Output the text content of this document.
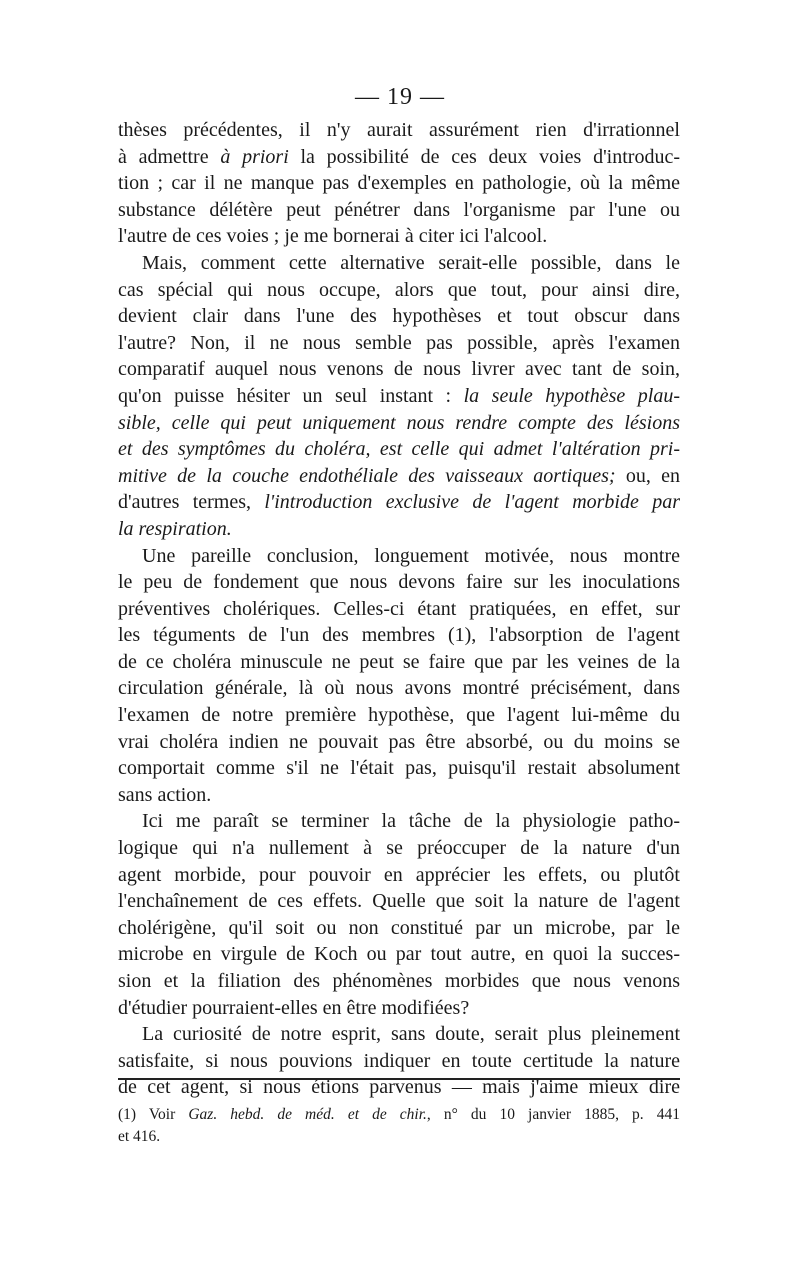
— 19 —
thèses précédentes, il n'y aurait assurément rien d'irrationnel
à admettre à priori la possibilité de ces deux voies d'introduc-
tion ; car il ne manque pas d'exemples en pathologie, où la même
substance délétère peut pénétrer dans l'organisme par l'une ou
l'autre de ces voies ; je me bornerai à citer ici l'alcool.
Mais, comment cette alternative serait-elle possible, dans le
cas spécial qui nous occupe, alors que tout, pour ainsi dire,
devient clair dans l'une des hypothèses et tout obscur dans
l'autre? Non, il ne nous semble pas possible, après l'examen
comparatif auquel nous venons de nous livrer avec tant de soin,
qu'on puisse hésiter un seul instant : la seule hypothèse plau-
sible, celle qui peut uniquement nous rendre compte des lésions
et des symptômes du choléra, est celle qui admet l'altération pri-
mitive de la couche endothéliale des vaisseaux aortiques; ou, en
d'autres termes, l'introduction exclusive de l'agent morbide par
la respiration.
Une pareille conclusion, longuement motivée, nous montre
le peu de fondement que nous devons faire sur les inoculations
préventives cholériques. Celles-ci étant pratiquées, en effet, sur
les téguments de l'un des membres (1), l'absorption de l'agent
de ce choléra minuscule ne peut se faire que par les veines de la
circulation générale, là où nous avons montré précisément, dans
l'examen de notre première hypothèse, que l'agent lui-même du
vrai choléra indien ne pouvait pas être absorbé, ou du moins se
comportait comme s'il ne l'était pas, puisqu'il restait absolument
sans action.
Ici me paraît se terminer la tâche de la physiologie patho-
logique qui n'a nullement à se préoccuper de la nature d'un
agent morbide, pour pouvoir en apprécier les effets, ou plutôt
l'enchaînement de ces effets. Quelle que soit la nature de l'agent
cholérigène, qu'il soit ou non constitué par un microbe, par le
microbe en virgule de Koch ou par tout autre, en quoi la succes-
sion et la filiation des phénomènes morbides que nous venons
d'étudier pourraient-elles en être modifiées?
La curiosité de notre esprit, sans doute, serait plus pleinement
satisfaite, si nous pouvions indiquer en toute certitude la nature
de cet agent, si nous étions parvenus — mais j'aime mieux dire
(1) Voir Gaz. hebd. de méd. et de chir., n° du 10 janvier 1885, p. 441
et 416.
